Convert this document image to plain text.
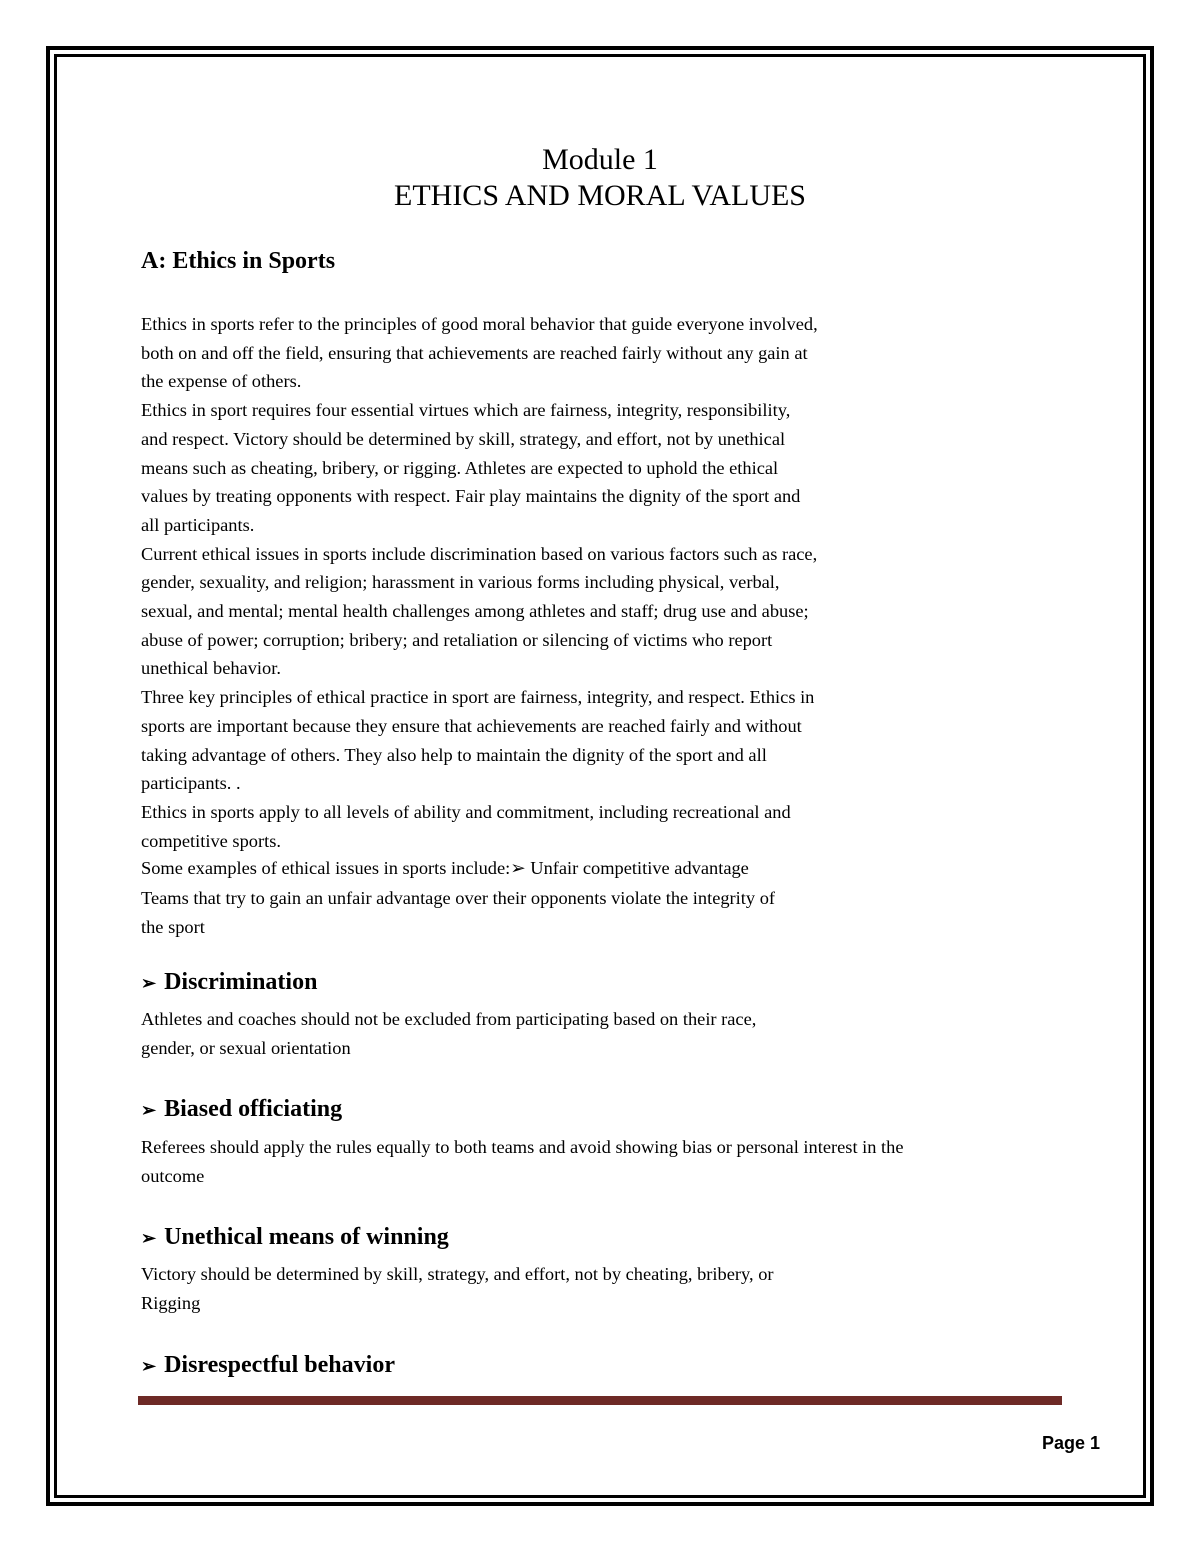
Module 1
ETHICS AND MORAL VALUES
A: Ethics in Sports

Ethics in sports refer to the principles of good moral behavior that guide everyone involved,

both on and off the field, ensuring that achievements are reached fairly without any gain at

the expense of others.

Ethics in sport requires four essential virtues which are fairness, integrity, responsibility,

and respect. Victory should be determined by skill, strategy, and effort, not by unethical

means such as cheating, bribery, or rigging. Athletes are expected to uphold the ethical

values by treating opponents with respect. Fair play maintains the dignity of the sport and

all participants.

Current ethical issues in sports include discrimination based on various factors such as race,

gender, sexuality, and religion; harassment in various forms including physical, verbal,

sexual, and mental; mental health challenges among athletes and staff; drug use and abuse;

abuse of power; corruption; bribery; and retaliation or silencing of victims who report

unethical behavior.

Three key principles of ethical practice in sport are fairness, integrity, and respect. Ethics in

sports are important because they ensure that achievements are reached fairly and without

taking advantage of others. They also help to maintain the dignity of the sport and all

participants. .

Ethics in sports apply to all levels of ability and commitment, including recreational and

competitive sports.

Some examples of ethical issues in sports include:➢ Unfair competitive advantage

Teams that try to gain an unfair advantage over their opponents violate the integrity of

the sport

➢ Discrimination

Athletes and coaches should not be excluded from participating based on their race,

gender, or sexual orientation

➢ Biased officiating

Referees should apply the rules equally to both teams and avoid showing bias or personal interest in the

outcome

➢ Unethical means of winning

Victory should be determined by skill, strategy, and effort, not by cheating, bribery, or

Rigging

➢ Disrespectful behavior
Page 1
